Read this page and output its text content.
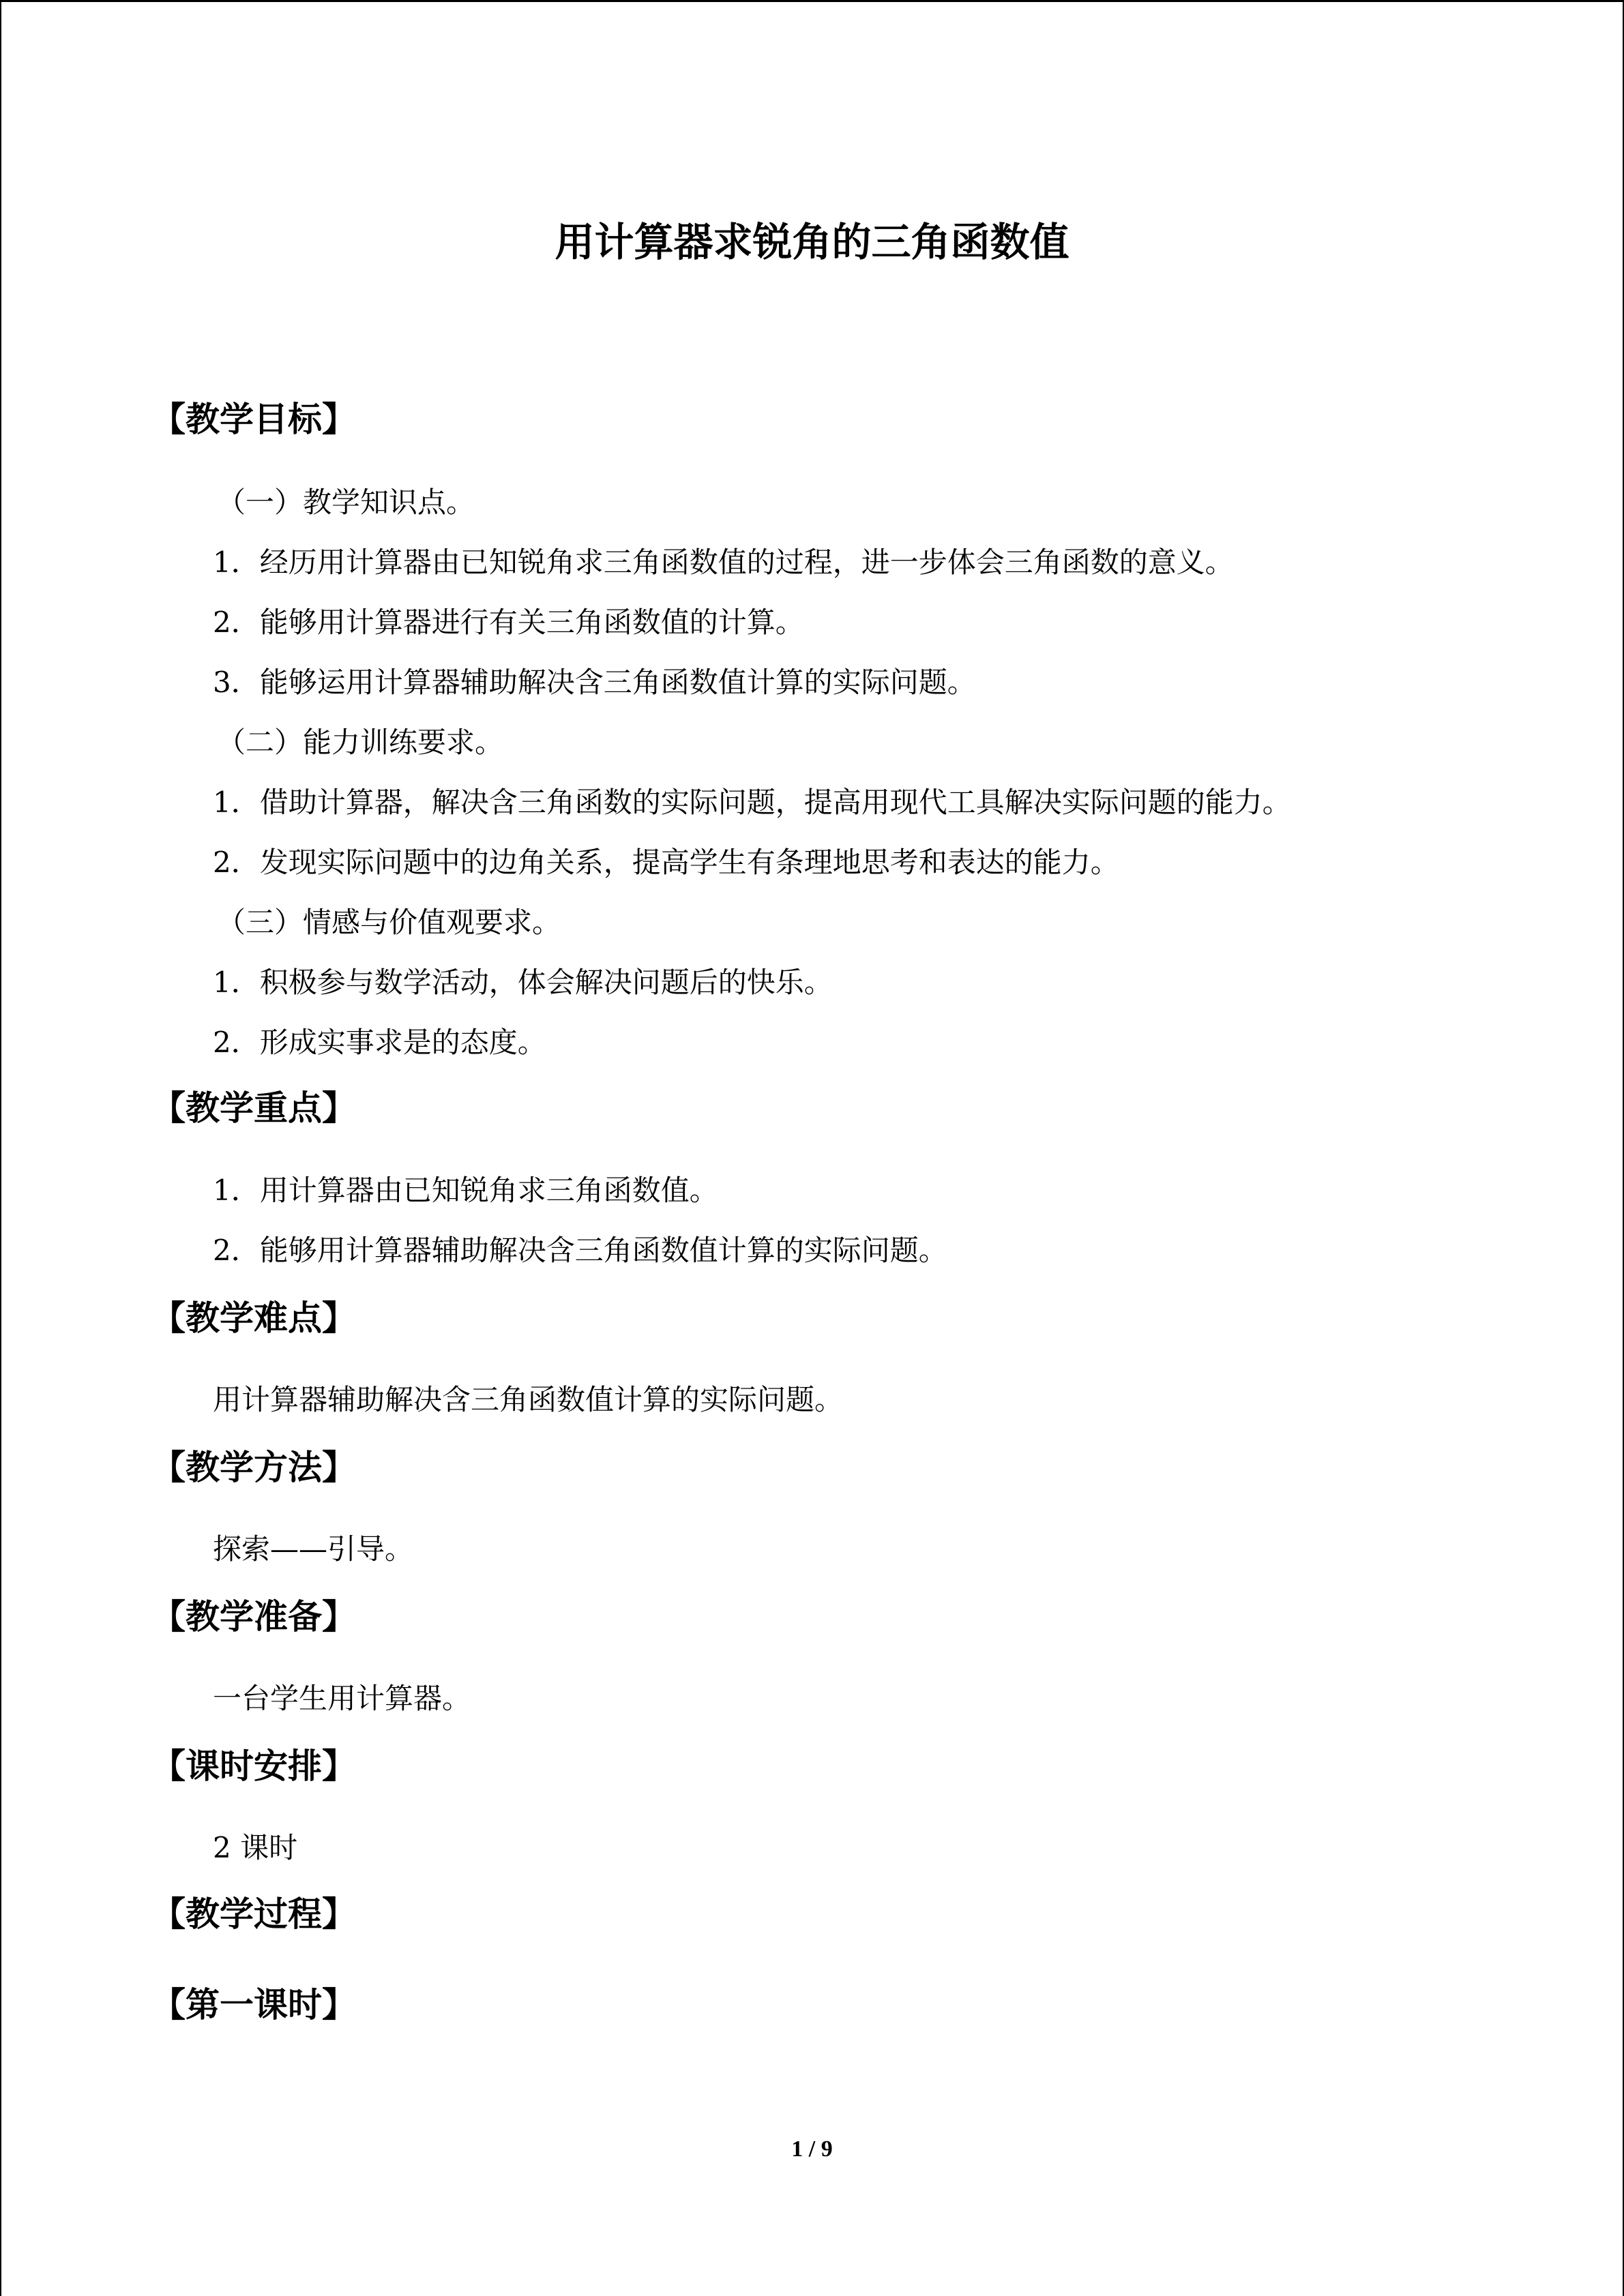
用计算器求锐角的三角函数值
【教学目标】
（一）教学知识点。
1．经历用计算器由已知锐角求三角函数值的过程，进一步体会三角函数的意义。
2．能够用计算器进行有关三角函数值的计算。
3．能够运用计算器辅助解决含三角函数值计算的实际问题。
（二）能力训练要求。
1．借助计算器，解决含三角函数的实际问题，提高用现代工具解决实际问题的能力。
2．发现实际问题中的边角关系，提高学生有条理地思考和表达的能力。
（三）情感与价值观要求。
1．积极参与数学活动，体会解决问题后的快乐。
2．形成实事求是的态度。
【教学重点】
1．用计算器由已知锐角求三角函数值。
2．能够用计算器辅助解决含三角函数值计算的实际问题。
【教学难点】
用计算器辅助解决含三角函数值计算的实际问题。
【教学方法】
探索——引导。
【教学准备】
一台学生用计算器。
【课时安排】
2 课时
【教学过程】
【第一课时】
1 / 9
